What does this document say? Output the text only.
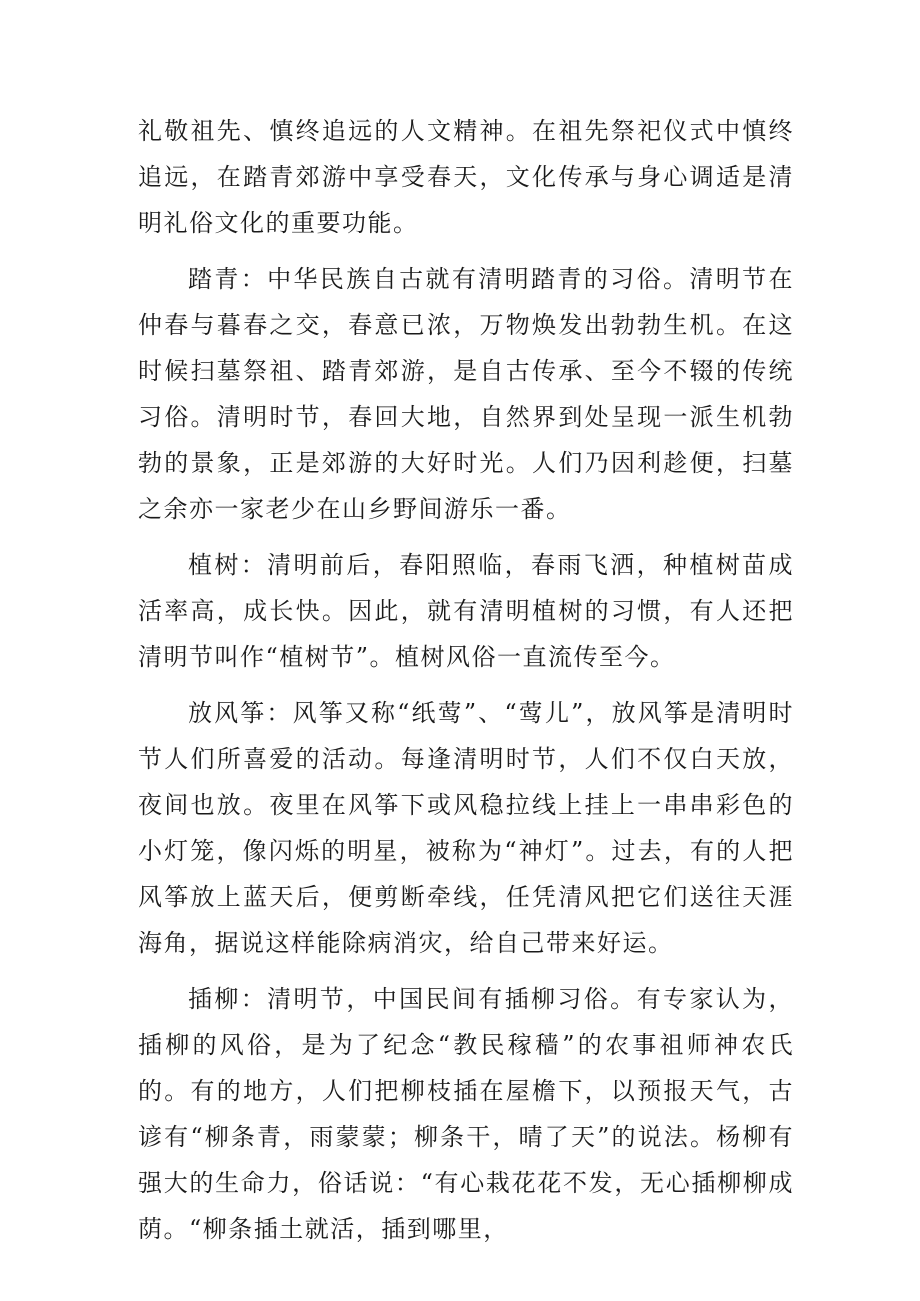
礼敬祖先、慎终追远的人文精神。在祖先祭祀仪式中慎终追远，在踏青郊游中享受春天，文化传承与身心调适是清明礼俗文化的重要功能。

踏青：中华民族自古就有清明踏青的习俗。清明节在仲春与暮春之交，春意已浓，万物焕发出勃勃生机。在这时候扫墓祭祖、踏青郊游，是自古传承、至今不辍的传统习俗。清明时节，春回大地，自然界到处呈现一派生机勃勃的景象，正是郊游的大好时光。人们乃因利趁便，扫墓之余亦一家老少在山乡野间游乐一番。

植树：清明前后，春阳照临，春雨飞洒，种植树苗成活率高，成长快。因此，就有清明植树的习惯，有人还把清明节叫作“植树节”。植树风俗一直流传至今。

放风筝：风筝又称“纸莺”、“莺儿”，放风筝是清明时节人们所喜爱的活动。每逢清明时节，人们不仅白天放，夜间也放。夜里在风筝下或风稳拉线上挂上一串串彩色的小灯笼，像闪烁的明星，被称为“神灯”。过去，有的人把风筝放上蓝天后，便剪断牵线，任凭清风把它们送往天涯海角，据说这样能除病消灾，给自己带来好运。

插柳：清明节，中国民间有插柳习俗。有专家认为，插柳的风俗，是为了纪念“教民稼穑”的农事祖师神农氏的。有的地方，人们把柳枝插在屋檐下，以预报天气，古谚有“柳条青，雨蒙蒙；柳条干，晴了天”的说法。杨柳有强大的生命力，俗话说：“有心栽花花不发，无心插柳柳成荫。“柳条插土就活，插到哪里，
